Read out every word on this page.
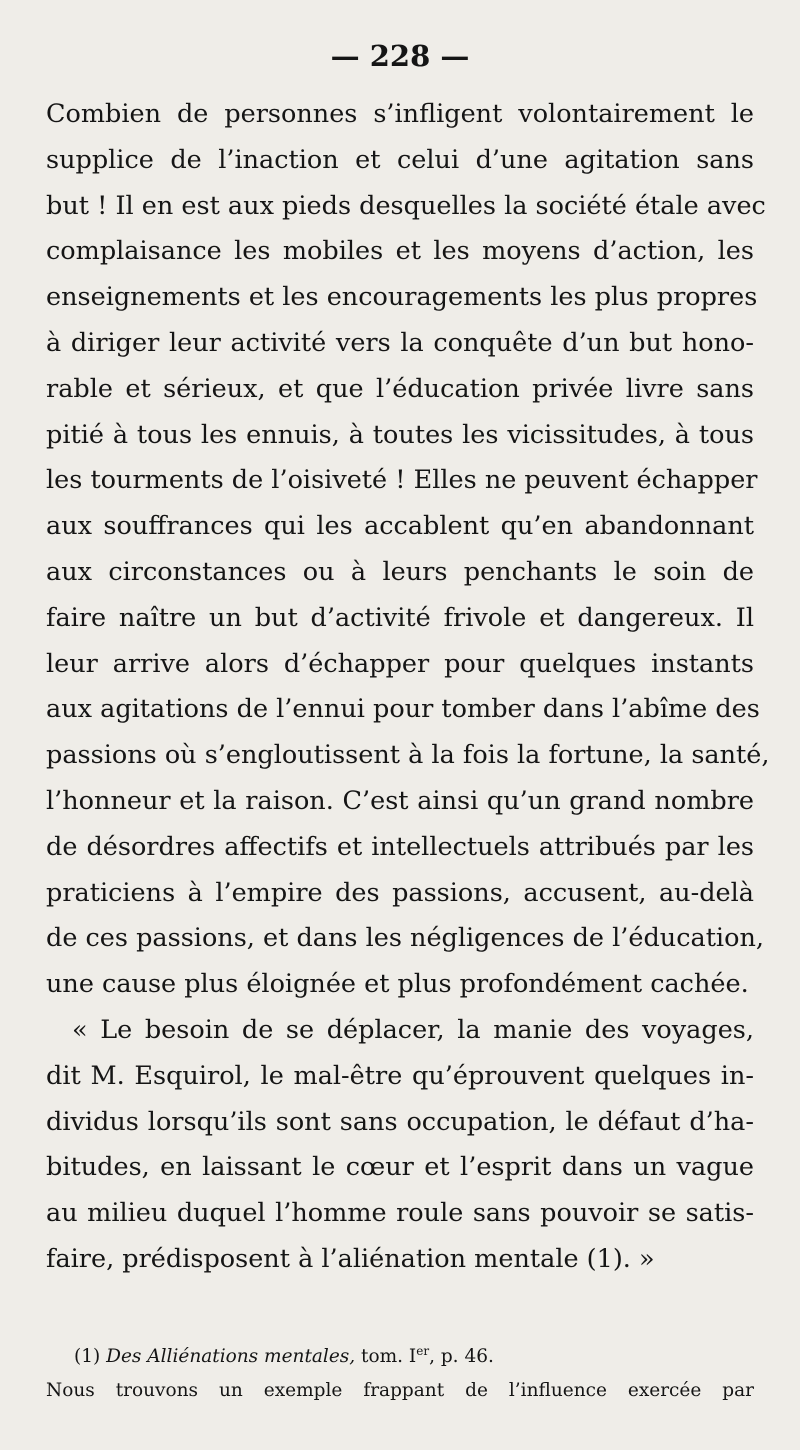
— 228 —
Combien de personnes s’infligent volontairement le
supplice de l’inaction et celui d’une agitation sans
but ! Il en est aux pieds desquelles la société étale avec
complaisance les mobiles et les moyens d’action, les
enseignements et les encouragements les plus propres
à diriger leur activité vers la conquête d’un but hono-
rable et sérieux, et que l’éducation privée livre sans
pitié à tous les ennuis, à toutes les vicissitudes, à tous
les tourments de l’oisiveté ! Elles ne peuvent échapper
aux souffrances qui les accablent qu’en abandonnant
aux circonstances ou à leurs penchants le soin de
faire naître un but d’activité frivole et dangereux. Il
leur arrive alors d’échapper pour quelques instants
aux agitations de l’ennui pour tomber dans l’abîme des
passions où s’engloutissent à la fois la fortune, la santé,
l’honneur et la raison. C’est ainsi qu’un grand nombre
de désordres affectifs et intellectuels attribués par les
praticiens à l’empire des passions, accusent, au-delà
de ces passions, et dans les négligences de l’éducation,
une cause plus éloignée et plus profondément cachée.
« Le besoin de se déplacer, la manie des voyages,
dit M. Esquirol, le mal-être qu’éprouvent quelques in-
dividus lorsqu’ils sont sans occupation, le défaut d’ha-
bitudes, en laissant le cœur et l’esprit dans un vague
au milieu duquel l’homme roule sans pouvoir se satis-
faire, prédisposent à l’aliénation mentale (1). »
(1) Des Alliénations mentales, tom. Ier, p. 46.
Nous trouvons un exemple frappant de l’influence exercée par
